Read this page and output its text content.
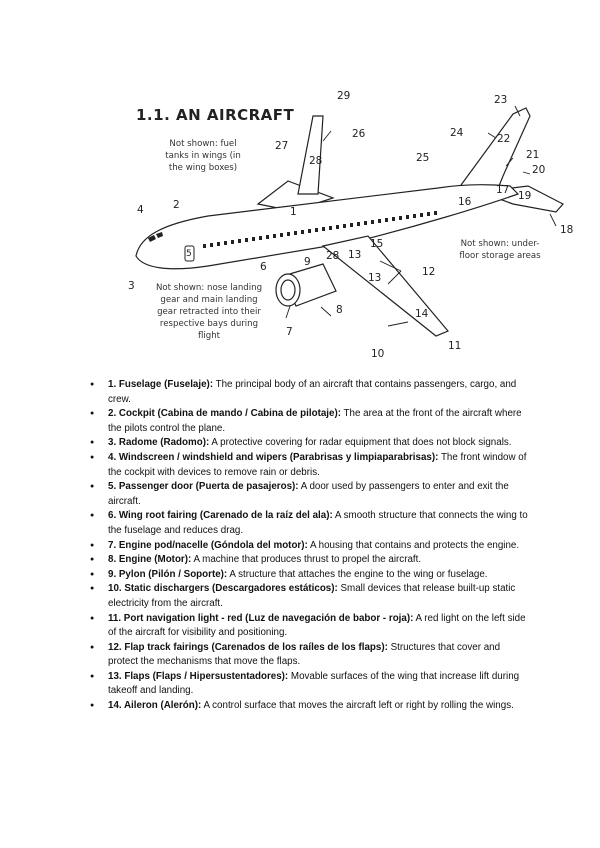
1.1. AN AIRCRAFT
Not shown: fuel
tanks in wings (in
the wing boxes)
Not shown: under-
floor storage areas
Not shown: nose landing
gear and main landing
gear retracted into their
respective bays during
flight
1
2
3
4
5
6
7
8
9
10
11
12
13
13
14
15
16
17
18
19
20
21
22
23
24
25
26
27
28
28
29
● 1. Fuselage (Fuselaje): The principal body of an aircraft that contains passengers, cargo, and crew.
● 2. Cockpit (Cabina de mando / Cabina de pilotaje): The area at the front of the aircraft where the pilots control the plane.
● 3. Radome (Radomo): A protective covering for radar equipment that does not block signals.
● 4. Windscreen / windshield and wipers (Parabrisas y limpiaparabrisas): The front window of the cockpit with devices to remove rain or debris.
● 5. Passenger door (Puerta de pasajeros): A door used by passengers to enter and exit the aircraft.
● 6. Wing root fairing (Carenado de la raíz del ala): A smooth structure that connects the wing to the fuselage and reduces drag.
● 7. Engine pod/nacelle (Góndola del motor): A housing that contains and protects the engine.
● 8. Engine (Motor): A machine that produces thrust to propel the aircraft.
● 9. Pylon (Pilón / Soporte): A structure that attaches the engine to the wing or fuselage.
● 10. Static dischargers (Descargadores estáticos): Small devices that release built-up static electricity from the aircraft.
● 11. Port navigation light - red (Luz de navegación de babor - roja): A red light on the left side of the aircraft for visibility and positioning.
● 12. Flap track fairings (Carenados de los raíles de los flaps): Structures that cover and protect the mechanisms that move the flaps.
● 13. Flaps (Flaps / Hipersustentadores): Movable surfaces of the wing that increase lift during takeoff and landing.
● 14. Aileron (Alerón): A control surface that moves the aircraft left or right by rolling the wings.
